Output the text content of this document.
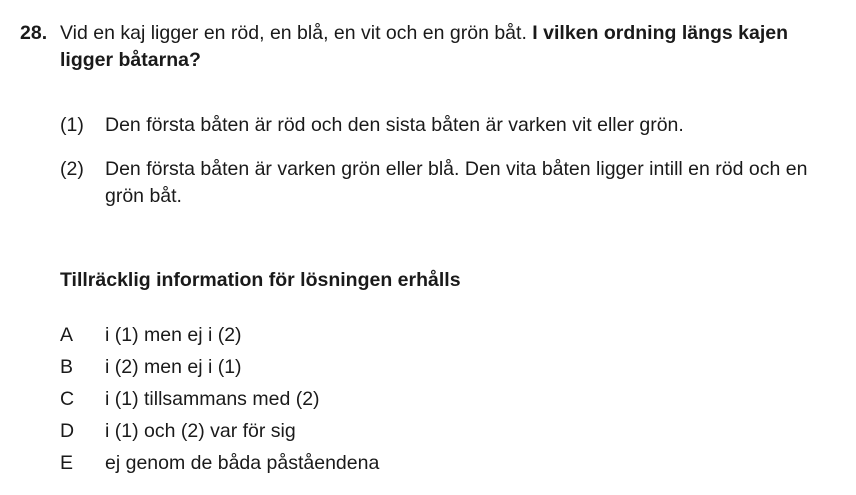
28. Vid en kaj ligger en röd, en blå, en vit och en grön båt. I vilken ordning längs kajen ligger båtarna?
(1) Den första båten är röd och den sista båten är varken vit eller grön.
(2) Den första båten är varken grön eller blå. Den vita båten ligger intill en röd och en grön båt.
Tillräcklig information för lösningen erhålls
A i (1) men ej i (2)
B i (2) men ej i (1)
C i (1) tillsammans med (2)
D i (1) och (2) var för sig
E ej genom de båda påståendena
